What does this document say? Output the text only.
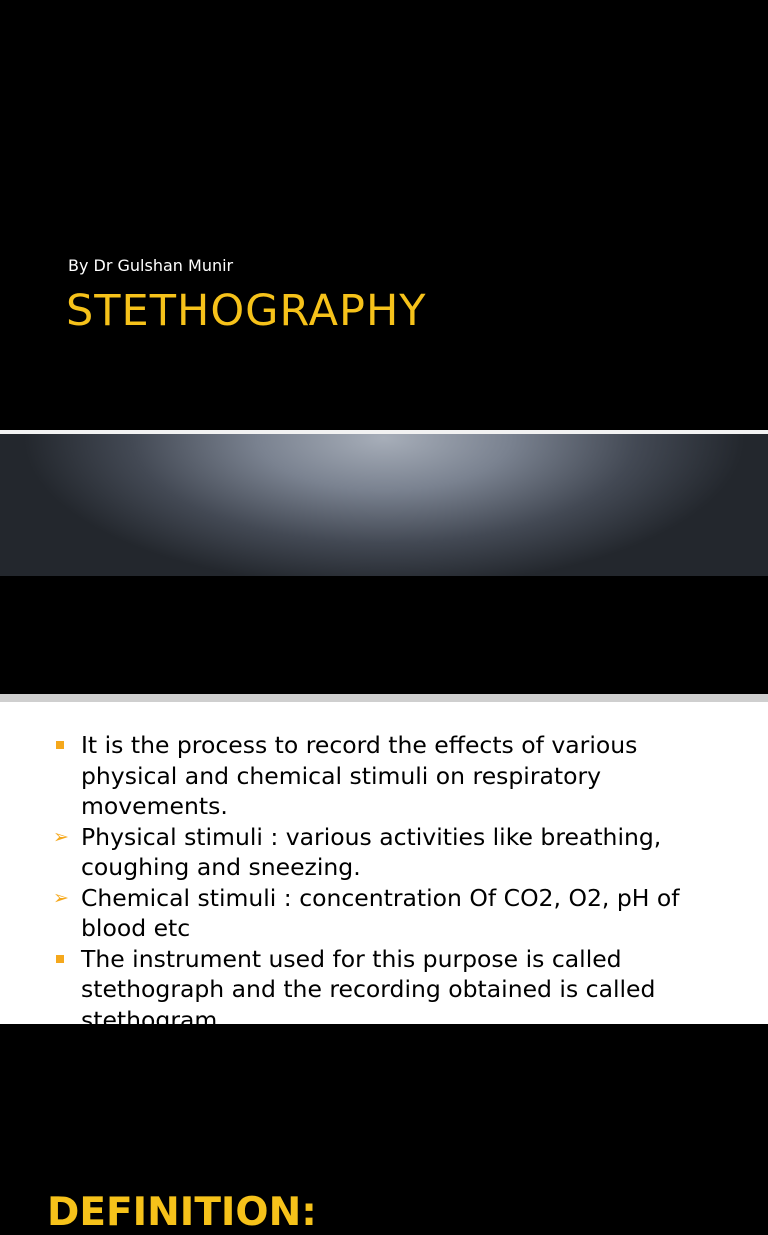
By Dr Gulshan Munir
STETHOGRAPHY
DEFINITION:
It is the process to record the effects of various physical and chemical stimuli on respiratory movements.
➢ Physical stimuli : various activities like breathing, coughing and sneezing.
➢ Chemical stimuli : concentration Of CO2, O2, pH of blood etc
The instrument used for this purpose is called stethograph and the recording obtained is called stethogram.
